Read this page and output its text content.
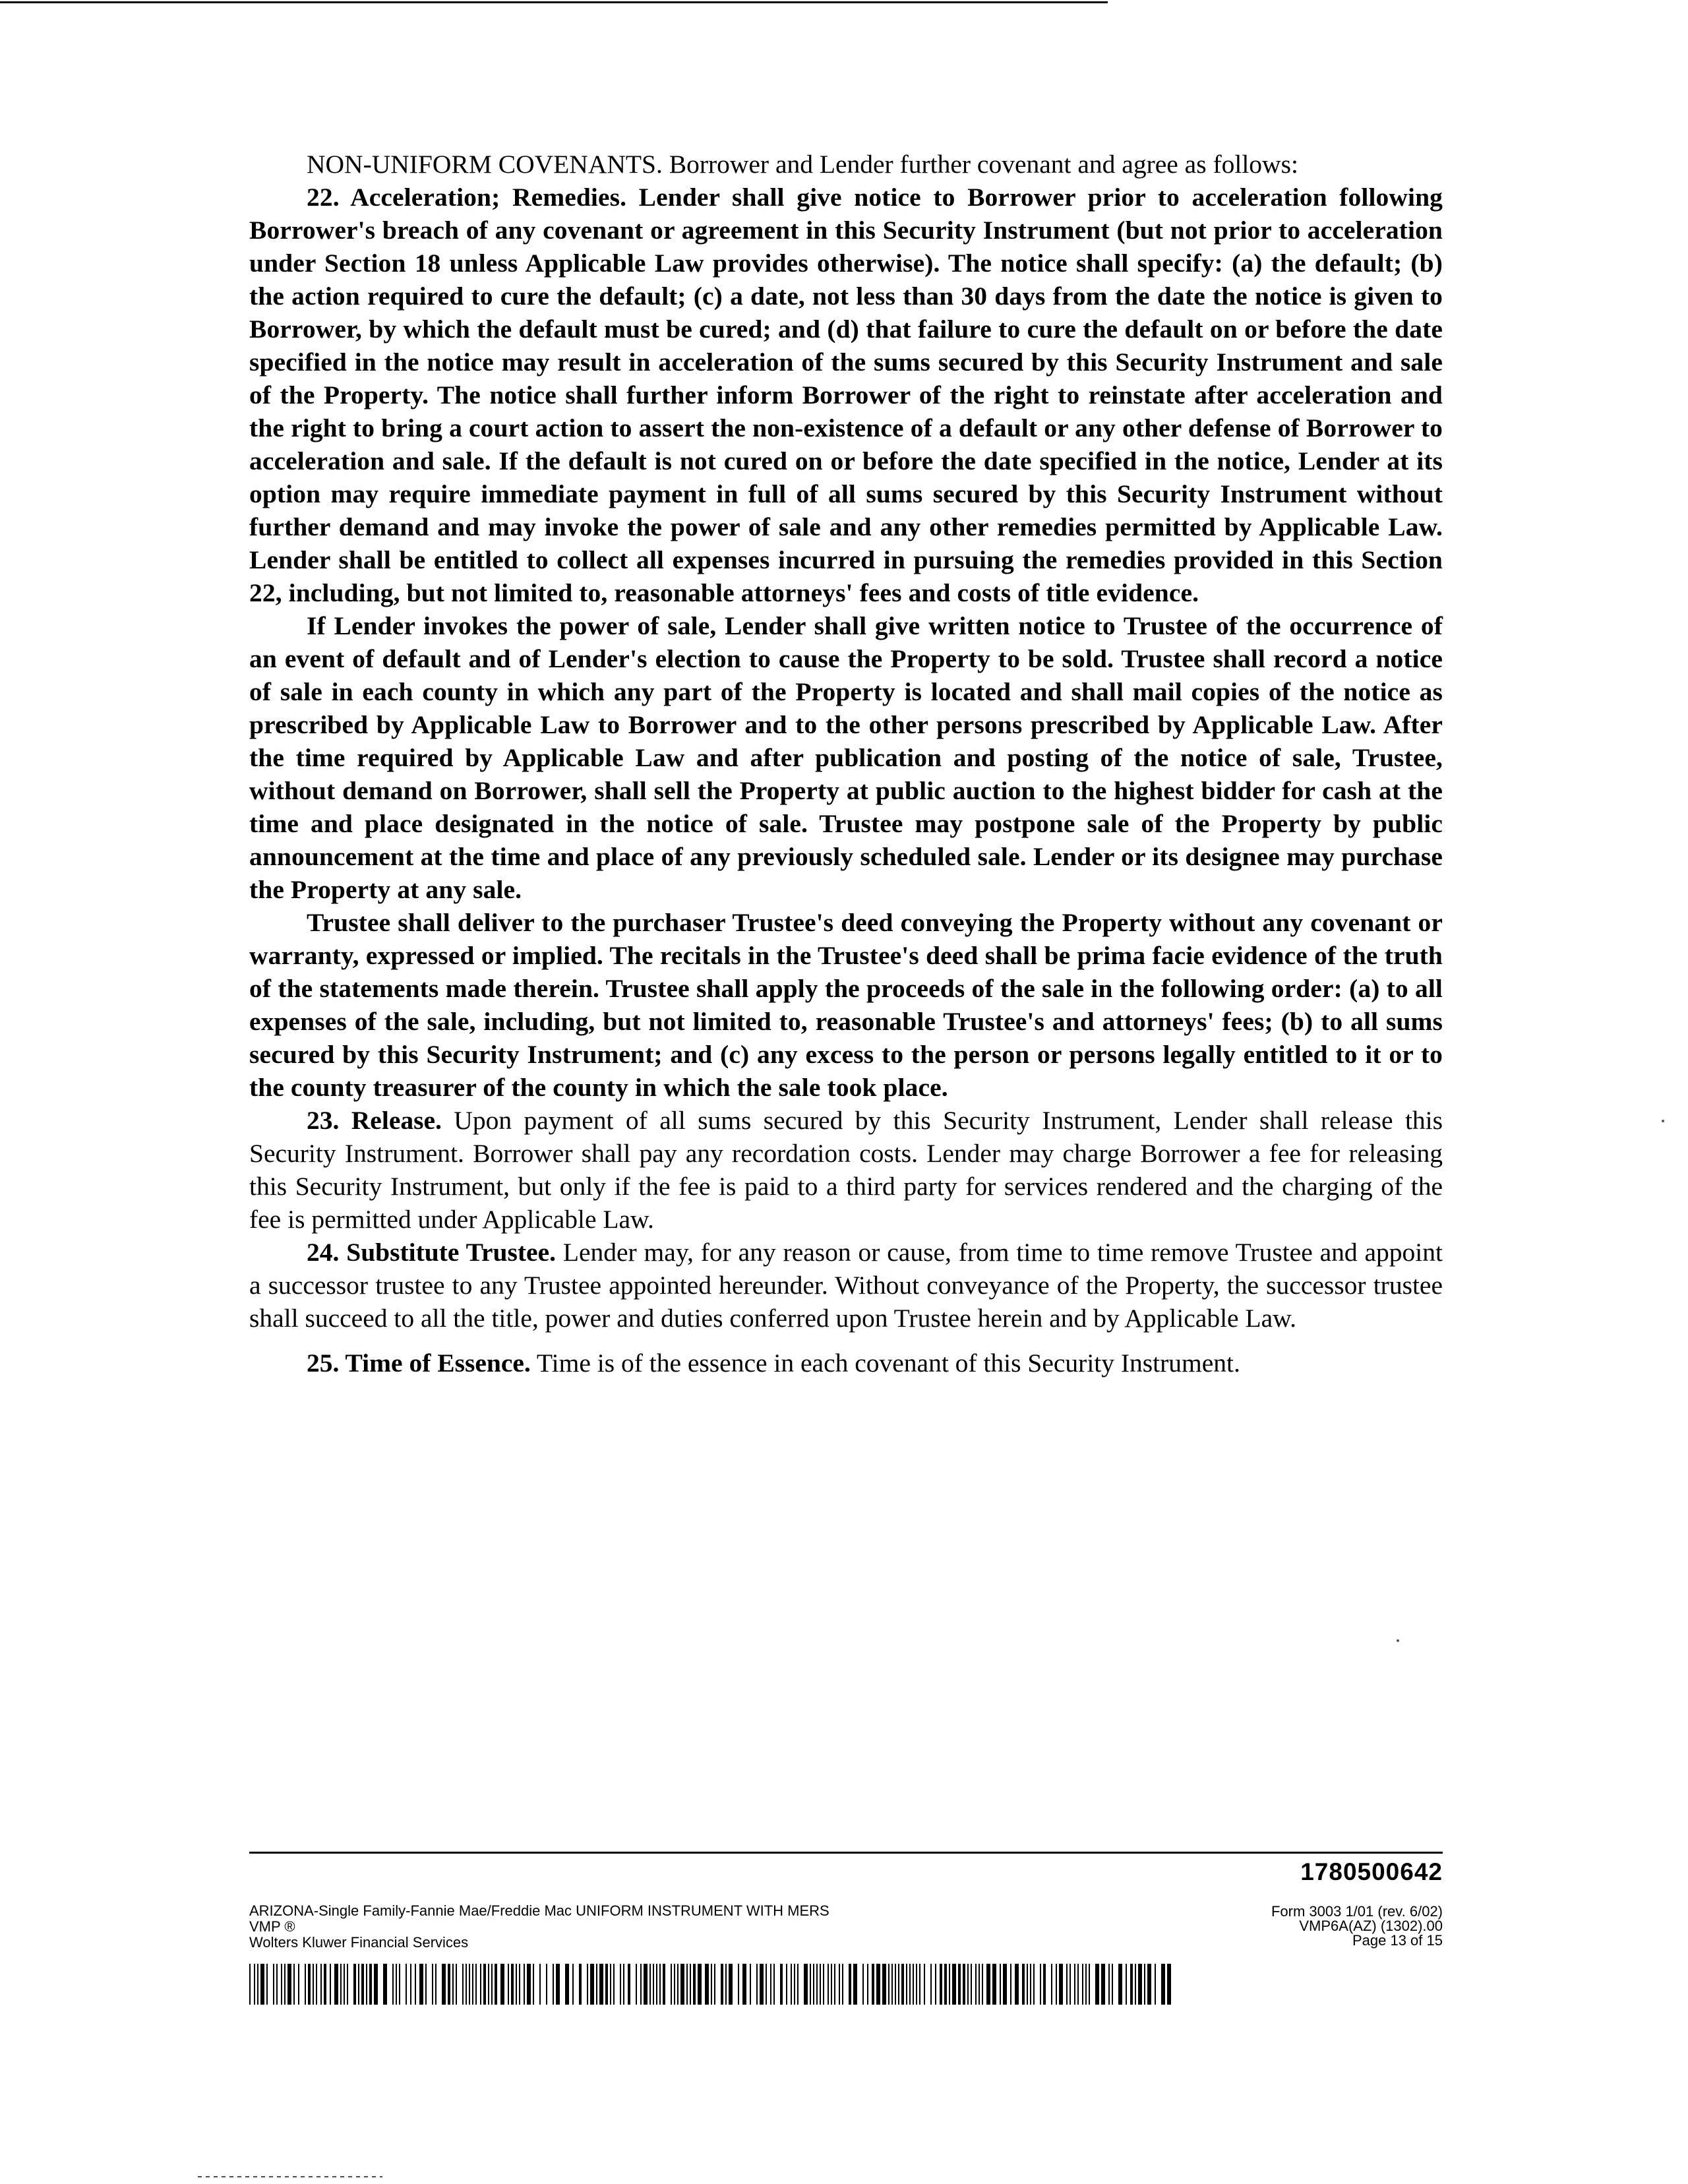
NON-UNIFORM COVENANTS. Borrower and Lender further covenant and agree as follows:

22. Acceleration; Remedies. Lender shall give notice to Borrower prior to acceleration following Borrower's breach of any covenant or agreement in this Security Instrument (but not prior to acceleration under Section 18 unless Applicable Law provides otherwise). The notice shall specify: (a) the default; (b) the action required to cure the default; (c) a date, not less than 30 days from the date the notice is given to Borrower, by which the default must be cured; and (d) that failure to cure the default on or before the date specified in the notice may result in acceleration of the sums secured by this Security Instrument and sale of the Property. The notice shall further inform Borrower of the right to reinstate after acceleration and the right to bring a court action to assert the non-existence of a default or any other defense of Borrower to acceleration and sale. If the default is not cured on or before the date specified in the notice, Lender at its option may require immediate payment in full of all sums secured by this Security Instrument without further demand and may invoke the power of sale and any other remedies permitted by Applicable Law. Lender shall be entitled to collect all expenses incurred in pursuing the remedies provided in this Section 22, including, but not limited to, reasonable attorneys' fees and costs of title evidence.

If Lender invokes the power of sale, Lender shall give written notice to Trustee of the occurrence of an event of default and of Lender's election to cause the Property to be sold. Trustee shall record a notice of sale in each county in which any part of the Property is located and shall mail copies of the notice as prescribed by Applicable Law to Borrower and to the other persons prescribed by Applicable Law. After the time required by Applicable Law and after publication and posting of the notice of sale, Trustee, without demand on Borrower, shall sell the Property at public auction to the highest bidder for cash at the time and place designated in the notice of sale. Trustee may postpone sale of the Property by public announcement at the time and place of any previously scheduled sale. Lender or its designee may purchase the Property at any sale.

Trustee shall deliver to the purchaser Trustee's deed conveying the Property without any covenant or warranty, expressed or implied. The recitals in the Trustee's deed shall be prima facie evidence of the truth of the statements made therein. Trustee shall apply the proceeds of the sale in the following order: (a) to all expenses of the sale, including, but not limited to, reasonable Trustee's and attorneys' fees; (b) to all sums secured by this Security Instrument; and (c) any excess to the person or persons legally entitled to it or to the county treasurer of the county in which the sale took place.

23. Release. Upon payment of all sums secured by this Security Instrument, Lender shall release this Security Instrument. Borrower shall pay any recordation costs. Lender may charge Borrower a fee for releasing this Security Instrument, but only if the fee is paid to a third party for services rendered and the charging of the fee is permitted under Applicable Law.

24. Substitute Trustee. Lender may, for any reason or cause, from time to time remove Trustee and appoint a successor trustee to any Trustee appointed hereunder. Without conveyance of the Property, the successor trustee shall succeed to all the title, power and duties conferred upon Trustee herein and by Applicable Law.

25. Time of Essence. Time is of the essence in each covenant of this Security Instrument.

1780500642
ARIZONA-Single Family-Fannie Mae/Freddie Mac UNIFORM INSTRUMENT WITH MERS
VMP ®
Wolters Kluwer Financial Services
Form 3003 1/01 (rev. 6/02)
VMP6A(AZ) (1302).00
Page 13 of 15
